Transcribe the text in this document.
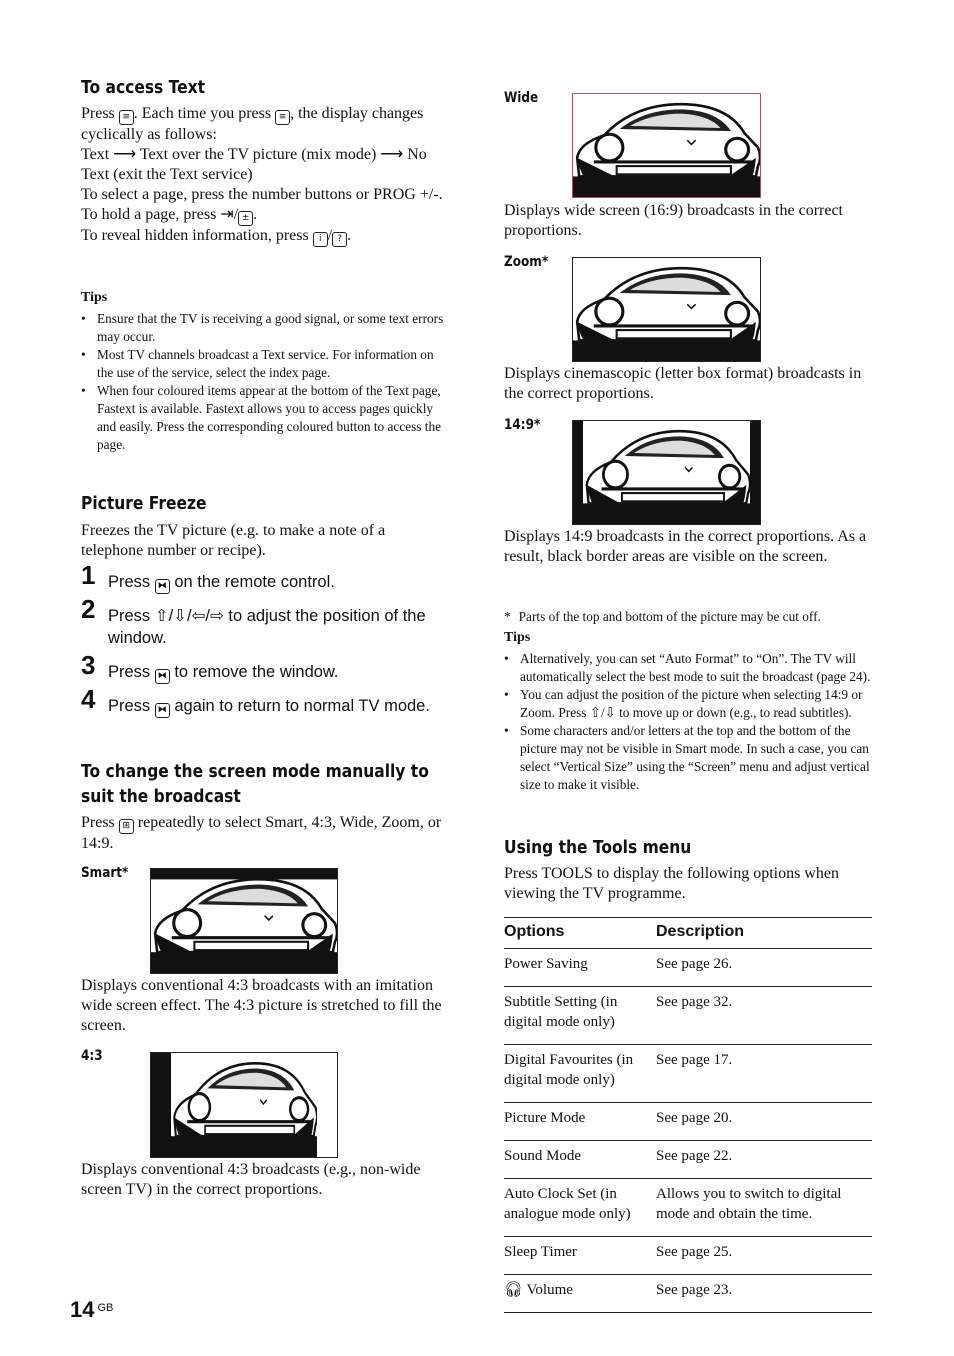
To access Text
Press ≡ . Each time you press ≡ , the display changes cyclically as follows:
Text ⟶ Text over the TV picture (mix mode) ⟶ No Text (exit the Text service)
To select a page, press the number buttons or PROG +/-.
To hold a page, press ⇥/ ± .
To reveal hidden information, press i / ? .
Tips
• Ensure that the TV is receiving a good signal, or some text errors may occur.
• Most TV channels broadcast a Text service. For information on the use of the service, select the index page.
• When four coloured items appear at the bottom of the Text page, Fastext is available. Fastext allows you to access pages quickly and easily. Press the corresponding coloured button to access the page.
Picture Freeze
Freezes the TV picture (e.g. to make a note of a telephone number or recipe).
1 Press ⧓ on the remote control.
2 Press ⇧/⇩/⇦/⇨ to adjust the position of the window.
3 Press ⧓ to remove the window.
4 Press ⧓ again to return to normal TV mode.
To change the screen mode manually to
suit the broadcast
Press ⊞ repeatedly to select Smart, 4:3, Wide, Zoom, or 14:9.
Smart*
Displays conventional 4:3 broadcasts with an imitation wide screen effect. The 4:3 picture is stretched to fill the screen.
4:3
Displays conventional 4:3 broadcasts (e.g., non-wide screen TV) in the correct proportions.
Wide
Displays wide screen (16:9) broadcasts in the correct proportions.
Zoom*
Displays cinemascopic (letter box format) broadcasts in the correct proportions.
14:9*
Displays 14:9 broadcasts in the correct proportions. As a result, black border areas are visible on the screen.
* Parts of the top and bottom of the picture may be cut off.
Tips
• Alternatively, you can set “Auto Format” to “On”. The TV will automatically select the best mode to suit the broadcast (page 24).
• You can adjust the position of the picture when selecting 14:9 or Zoom. Press ⇧/⇩ to move up or down (e.g., to read subtitles).
• Some characters and/or letters at the top and the bottom of the picture may not be visible in Smart mode. In such a case, you can select “Vertical Size” using the “Screen” menu and adjust vertical size to make it visible.
Using the Tools menu
Press TOOLS to display the following options when viewing the TV programme.
Options	Description
Power Saving	See page 26.
Subtitle Setting (in digital mode only)	See page 32.
Digital Favourites (in digital mode only)	See page 17.
Picture Mode	See page 20.
Sound Mode	See page 22.
Auto Clock Set (in analogue mode only)	Allows you to switch to digital mode and obtain the time.
Sleep Timer	See page 25.
🎧︎ Volume	See page 23.
14 $^{GB}$
